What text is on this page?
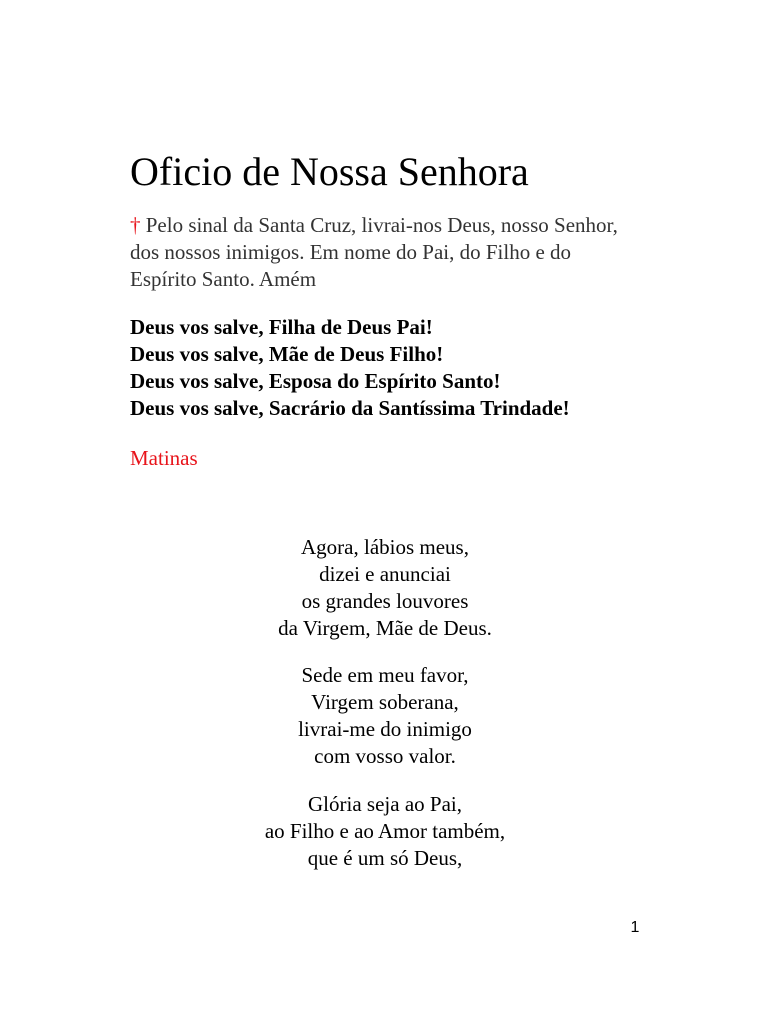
Oficio de Nossa Senhora
† Pelo sinal da Santa Cruz, livrai-nos Deus, nosso Senhor, dos nossos inimigos. Em nome do Pai, do Filho e do Espírito Santo. Amém
Deus vos salve, Filha de Deus Pai!
Deus vos salve, Mãe de Deus Filho!
Deus vos salve, Esposa do Espírito Santo!
Deus vos salve, Sacrário da Santíssima Trindade!
Matinas
Agora, lábios meus,
dizei e anunciai
os grandes louvores
da Virgem, Mãe de Deus.
Sede em meu favor,
Virgem soberana,
livrai-me do inimigo
com vosso valor.
Glória seja ao Pai,
ao Filho e ao Amor também,
que é um só Deus,
1
